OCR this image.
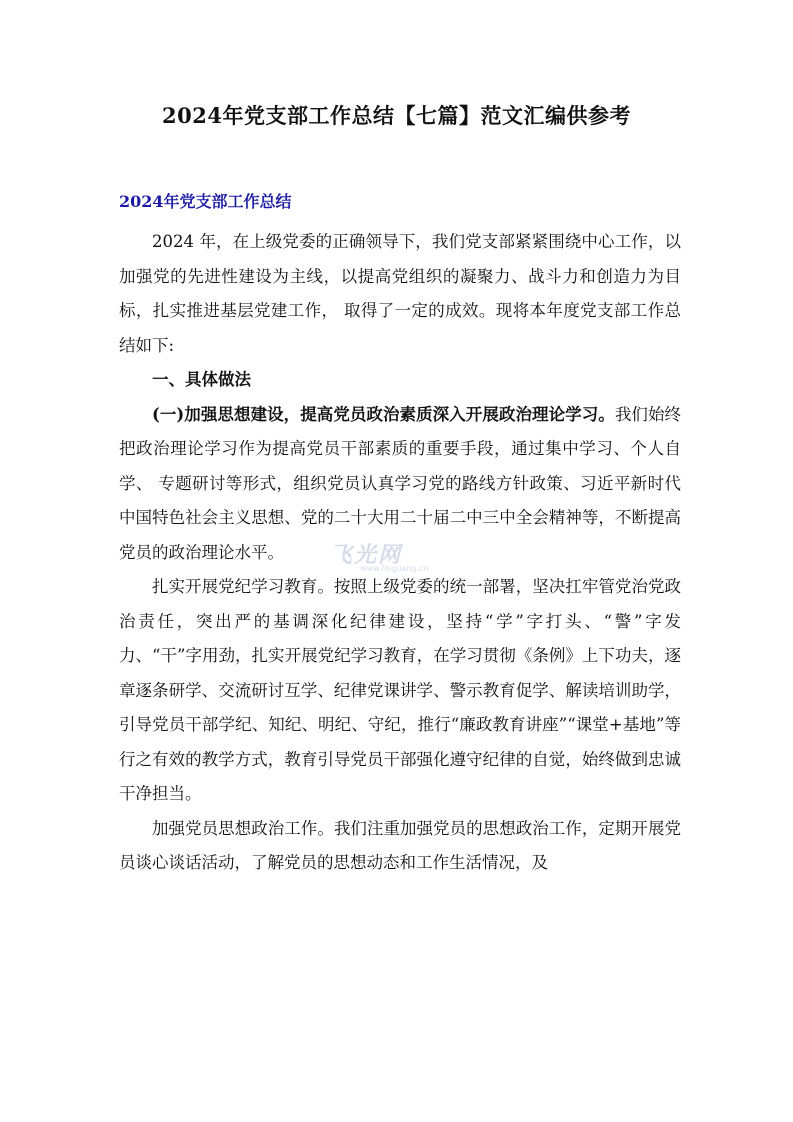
2024年党支部工作总结【七篇】范文汇编供参考
2024年党支部工作总结

2024 年，在上级党委的正确领导下，我们党支部紧紧围绕中心工作，以加强党的先进性建设为主线，以提高党组织的凝聚力、战斗力和创造力为目标，扎实推进基层党建工作， 取得了一定的成效。现将本年度党支部工作总结如下:

一、具体做法

(一)加强思想建设，提高党员政治素质深入开展政治理论学习。我们始终把政治理论学习作为提高党员干部素质的重要手段，通过集中学习、个人自学、 专题研讨等形式，组织党员认真学习党的路线方针政策、习近平新时代中国特色社会主义思想、党的二十大用二十届二中三中全会精神等，不断提高党员的政治理论水平。

扎实开展党纪学习教育。按照上级党委的统一部署，坚决扛牢管党治党政治责任，突出严的基调深化纪律建设，坚持“学”字打头、“警”字发力、“干”字用劲，扎实开展党纪学习教育，在学习贯彻《条例》上下功夫，逐章逐条研学、交流研讨互学、纪律党课讲学、警示教育促学、解读培训助学，引导党员干部学纪、知纪、明纪、守纪，推行“廉政教育讲座”“课堂+基地”等行之有效的教学方式，教育引导党员干部强化遵守纪律的自觉，始终做到忠诚干净担当。

加强党员思想政治工作。我们注重加强党员的思想政治工作，定期开展党员谈心谈话活动，了解党员的思想动态和工作生活情况，及

飞光网
www.feiguang.cn
